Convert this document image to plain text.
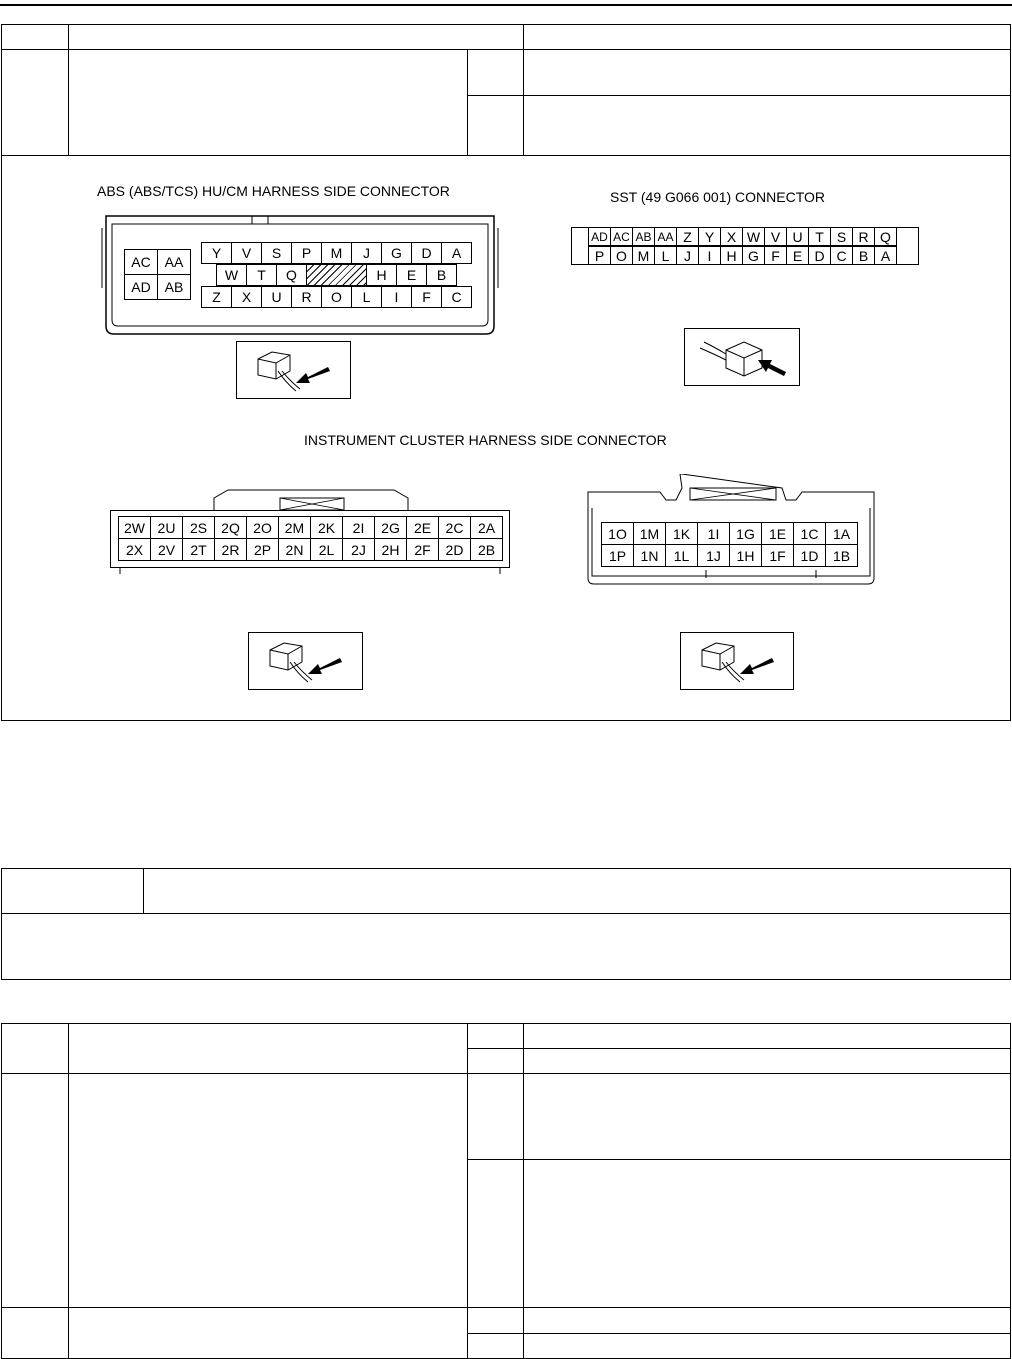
ABS (ABS/TCS) HU/CM HARNESS SIDE CONNECTOR
AC AA
AD AB
Y	V	S	P	M	J	G	D	A
W	T	Q	H	E	B
Z	X	U	R	O	L	I	F	C
SST (49 G066 001) CONNECTOR
AD AC AB AA Z Y X W V U T S R Q
P O M L	J	I	H G F E D C B A
INSTRUMENT CLUSTER HARNESS SIDE CONNECTOR
2W 2U	2S	2Q 2O 2M 2K	2I	2G	2E	2C	2A
2X	2V	2T	2R	2P	2N	2L	2J	2H	2F	2D	2B
1O 1M 1K	1I	1G	1E	1C	1A
1P	1N	1L	1J	1H	1F	1D	1B
